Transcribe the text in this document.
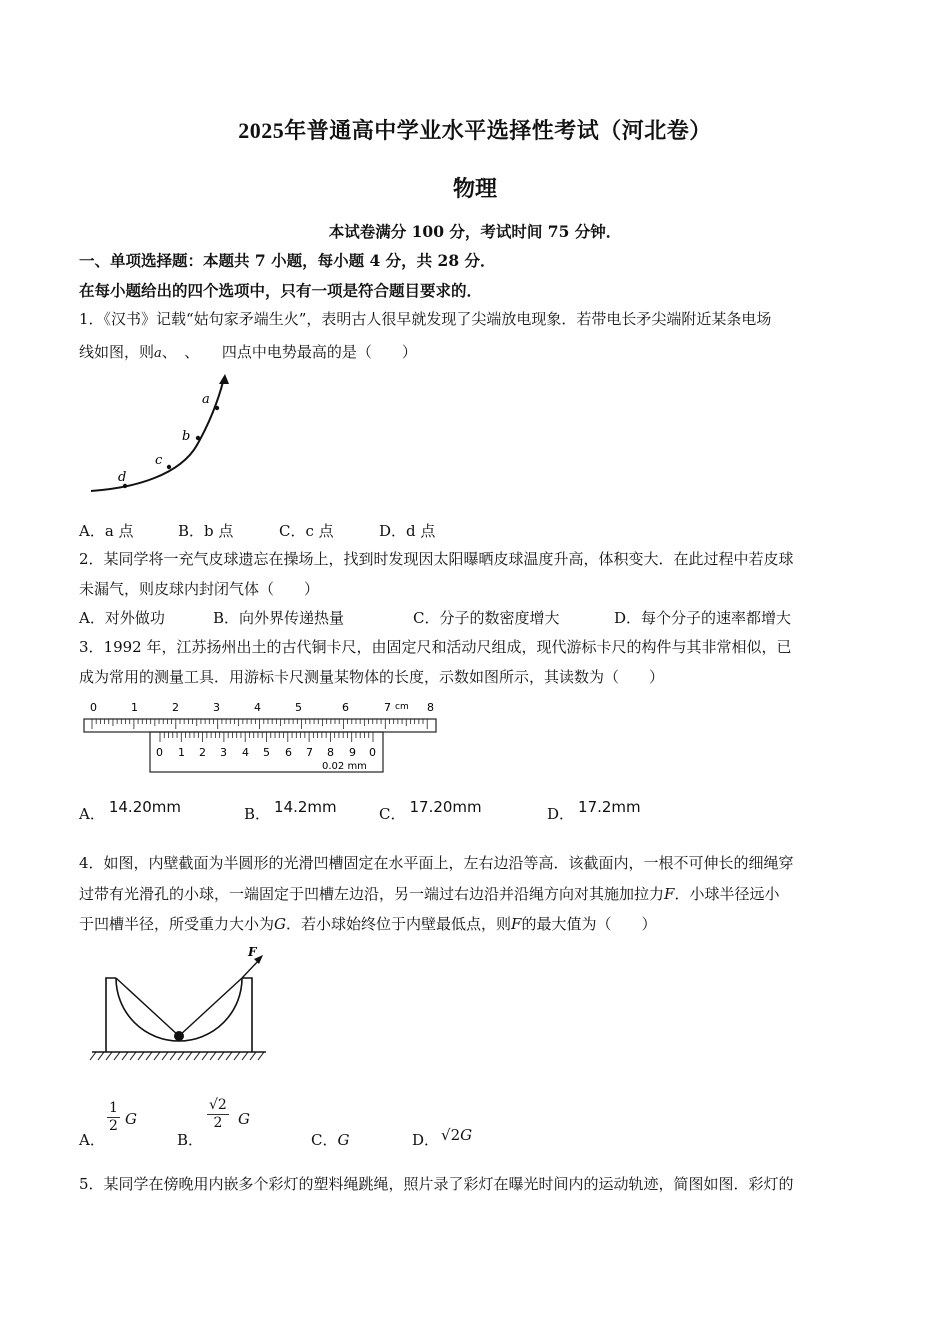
2025年普通高中学业水平选择性考试（河北卷）
物理
本试卷满分 100 分，考试时间 75 分钟．
一、单项选择题：本题共 7 小题，每小题 4 分，共 28 分．
在每小题给出的四个选项中，只有一项是符合题目要求的．
1．《汉书》记载“姑句家矛端生火”，表明古人很早就发现了尖端放电现象．若带电长矛尖端附近某条电场
线如图，则a、　、　　四点中电势最高的是（　　）
a
b
c
d
A．a 点	B．b 点	C．c 点	D．d 点
2．某同学将一充气皮球遗忘在操场上，找到时发现因太阳曝晒皮球温度升高，体积变大．在此过程中若皮球
未漏气，则皮球内封闭气体（　　）
A．对外做功	B．向外界传递热量	C．分子的数密度增大	D．每个分子的速率都增大
3．1992 年，江苏扬州出土的古代铜卡尺，由固定尺和活动尺组成，现代游标卡尺的构件与其非常相似，已
成为常用的测量工具．用游标卡尺测量某物体的长度，示数如图所示，其读数为（　　）
0	1	2	3	4	5	6	7 cm 8
0 1 2 3 4 5 6 7 8 9 0
0.02 mm
A． 14.20mm	B． 14.2mm	C． 17.20mm	D． 17.2mm
4．如图，内壁截面为半圆形的光滑凹槽固定在水平面上，左右边沿等高．该截面内，一根不可伸长的细绳穿
过带有光滑孔的小球，一端固定于凹槽左边沿，另一端过右边沿并沿绳方向对其施加拉力F．小球半径远小
于凹槽半径，所受重力大小为G．若小球始终位于内壁最低点，则F的最大值为（　　）
F
A．
$\frac{1}{2}$ G
B．
$\frac{√2}{2}$ G
C．G	D． √2G
5．某同学在傍晚用内嵌多个彩灯的塑料绳跳绳，照片录了彩灯在曝光时间内的运动轨迹，简图如图．彩灯的
